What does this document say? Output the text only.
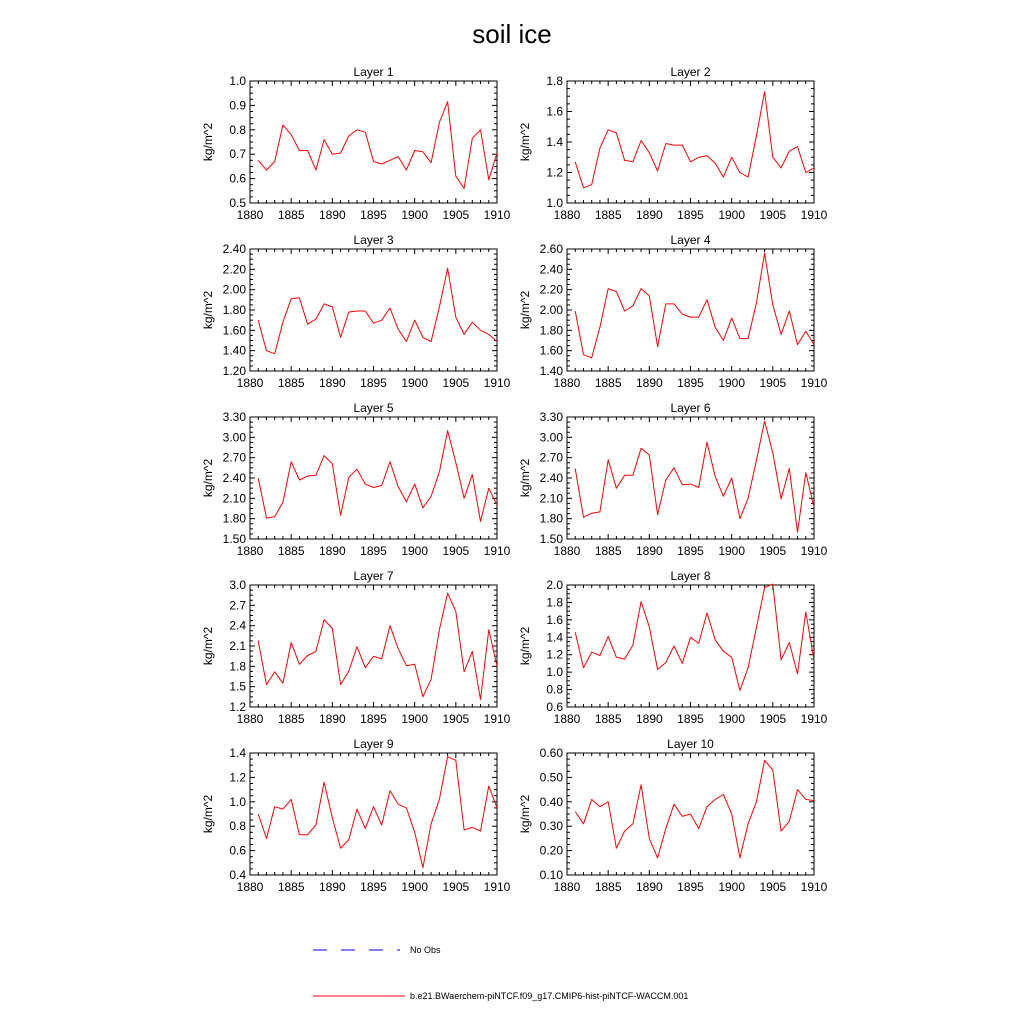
soil ice
Layer 1
kg/m^2
1880 1885 1890 1895 1900 1905 1910
0.5
0.6
0.7
0.8
0.9
1.0
Layer 2
kg/m^2
1880 1885 1890 1895 1900 1905 1910
1.0
1.2
1.4
1.6
1.8
Layer 3
kg/m^2
1880 1885 1890 1895 1900 1905 1910
1.20
1.40
1.60
1.80
2.00
2.20
2.40
Layer 4
kg/m^2
1880 1885 1890 1895 1900 1905 1910
1.40
1.60
1.80
2.00
2.20
2.40
2.60
Layer 5
kg/m^2
1880 1885 1890 1895 1900 1905 1910
1.50
1.80
2.10
2.40
2.70
3.00
3.30
Layer 6
kg/m^2
1880 1885 1890 1895 1900 1905 1910
1.50
1.80
2.10
2.40
2.70
3.00
3.30
Layer 7
kg/m^2
1880 1885 1890 1895 1900 1905 1910
1.2
1.5
1.8
2.1
2.4
2.7
3.0
Layer 8
kg/m^2
1880 1885 1890 1895 1900 1905 1910
0.6
0.8
1.0
1.2
1.4
1.6
1.8
2.0
Layer 9
kg/m^2
1880 1885 1890 1895 1900 1905 1910
0.4
0.6
0.8
1.0
1.2
1.4
Layer 10
kg/m^2
1880 1885 1890 1895 1900 1905 1910
0.10
0.20
0.30
0.40
0.50
0.60
No Obs
b.e21.BWaerchem-piNTCF.f09_g17.CMIP6-hist-piNTCF-WACCM.001
